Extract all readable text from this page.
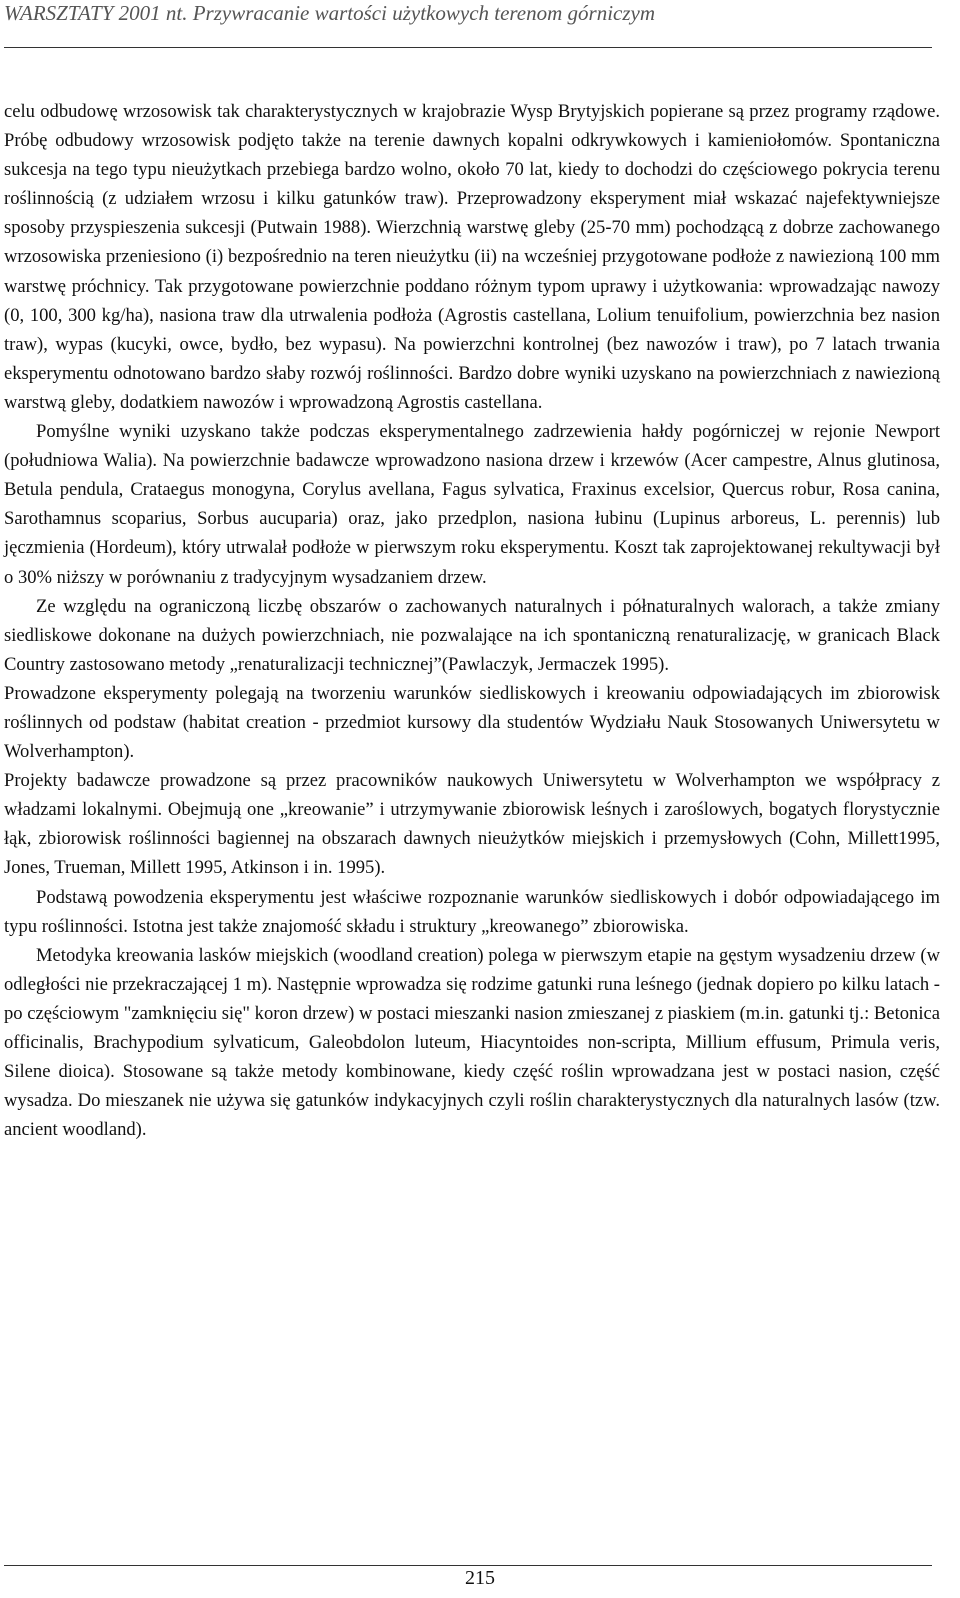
WARSZTATY 2001 nt. Przywracanie wartości użytkowych terenom górniczym

celu odbudowę wrzosowisk tak charakterystycznych w krajobrazie Wysp Brytyjskich popierane są przez programy rządowe. Próbę odbudowy wrzosowisk podjęto także na terenie dawnych kopalni odkrywkowych i kamieniołomów. Spontaniczna sukcesja na tego typu nieużytkach przebiega bardzo wolno, około 70 lat, kiedy to dochodzi do częściowego pokrycia terenu roślinnością (z udziałem wrzosu i kilku gatunków traw). Przeprowadzony eksperyment miał wskazać najefektywniejsze sposoby przyspieszenia sukcesji (Putwain 1988). Wierzchnią warstwę gleby (25-70 mm) pochodzącą z dobrze zachowanego wrzosowiska przeniesiono (i) bezpośrednio na teren nieużytku (ii) na wcześniej przygotowane podłoże z nawiezioną 100 mm warstwę próchnicy. Tak przygotowane powierzchnie poddano różnym typom uprawy i użytkowania: wprowadzając nawozy (0, 100, 300 kg/ha), nasiona traw dla utrwalenia podłoża (Agrostis castellana, Lolium tenuifolium, powierzchnia bez nasion traw), wypas (kucyki, owce, bydło, bez wypasu). Na powierzchni kontrolnej (bez nawozów i traw), po 7 latach trwania eksperymentu odnotowano bardzo słaby rozwój roślinności. Bardzo dobre wyniki uzyskano na powierzchniach z nawiezioną warstwą gleby, dodatkiem nawozów i wprowadzoną Agrostis castellana.

Pomyślne wyniki uzyskano także podczas eksperymentalnego zadrzewienia hałdy pogórniczej w rejonie Newport (południowa Walia). Na powierzchnie badawcze wprowadzono nasiona drzew i krzewów (Acer campestre, Alnus glutinosa, Betula pendula, Crataegus monogyna, Corylus avellana, Fagus sylvatica, Fraxinus excelsior, Quercus robur, Rosa canina, Sarothamnus scoparius, Sorbus aucuparia) oraz, jako przedplon, nasiona łubinu (Lupinus arboreus, L. perennis) lub jęczmienia (Hordeum), który utrwalał podłoże w pierwszym roku eksperymentu. Koszt tak zaprojektowanej rekultywacji był o 30% niższy w porównaniu z tradycyjnym wysadzaniem drzew.

Ze względu na ograniczoną liczbę obszarów o zachowanych naturalnych i półnaturalnych walorach, a także zmiany siedliskowe dokonane na dużych powierzchniach, nie pozwalające na ich spontaniczną renaturalizację, w granicach Black Country zastosowano metody „renaturalizacji technicznej”(Pawlaczyk, Jermaczek 1995).

Prowadzone eksperymenty polegają na tworzeniu warunków siedliskowych i kreowaniu odpowiadających im zbiorowisk roślinnych od podstaw (habitat creation - przedmiot kursowy dla studentów Wydziału Nauk Stosowanych Uniwersytetu w Wolverhampton).

Projekty badawcze prowadzone są przez pracowników naukowych Uniwersytetu w Wolverhampton we współpracy z władzami lokalnymi. Obejmują one „kreowanie” i utrzymywanie zbiorowisk leśnych i zaroślowych, bogatych florystycznie łąk, zbiorowisk roślinności bagiennej na obszarach dawnych nieużytków miejskich i przemysłowych (Cohn, Millett1995, Jones, Trueman, Millett 1995, Atkinson i in. 1995).

Podstawą powodzenia eksperymentu jest właściwe rozpoznanie warunków siedliskowych i dobór odpowiadającego im typu roślinności. Istotna jest także znajomość składu i struktury „kreowanego” zbiorowiska.

Metodyka kreowania lasków miejskich (woodland creation) polega w pierwszym etapie na gęstym wysadzeniu drzew (w odległości nie przekraczającej 1 m). Następnie wprowadza się rodzime gatunki runa leśnego (jednak dopiero po kilku latach - po częściowym "zamknięciu się" koron drzew) w postaci mieszanki nasion zmieszanej z piaskiem (m.in. gatunki tj.: Betonica officinalis, Brachypodium sylvaticum, Galeobdolon luteum, Hiacyntoides non-scripta, Millium effusum, Primula veris, Silene dioica). Stosowane są także metody kombinowane, kiedy część roślin wprowadzana jest w postaci nasion, część wysadza. Do mieszanek nie używa się gatunków indykacyjnych czyli roślin charakterystycznych dla naturalnych lasów (tzw. ancient woodland).

215
